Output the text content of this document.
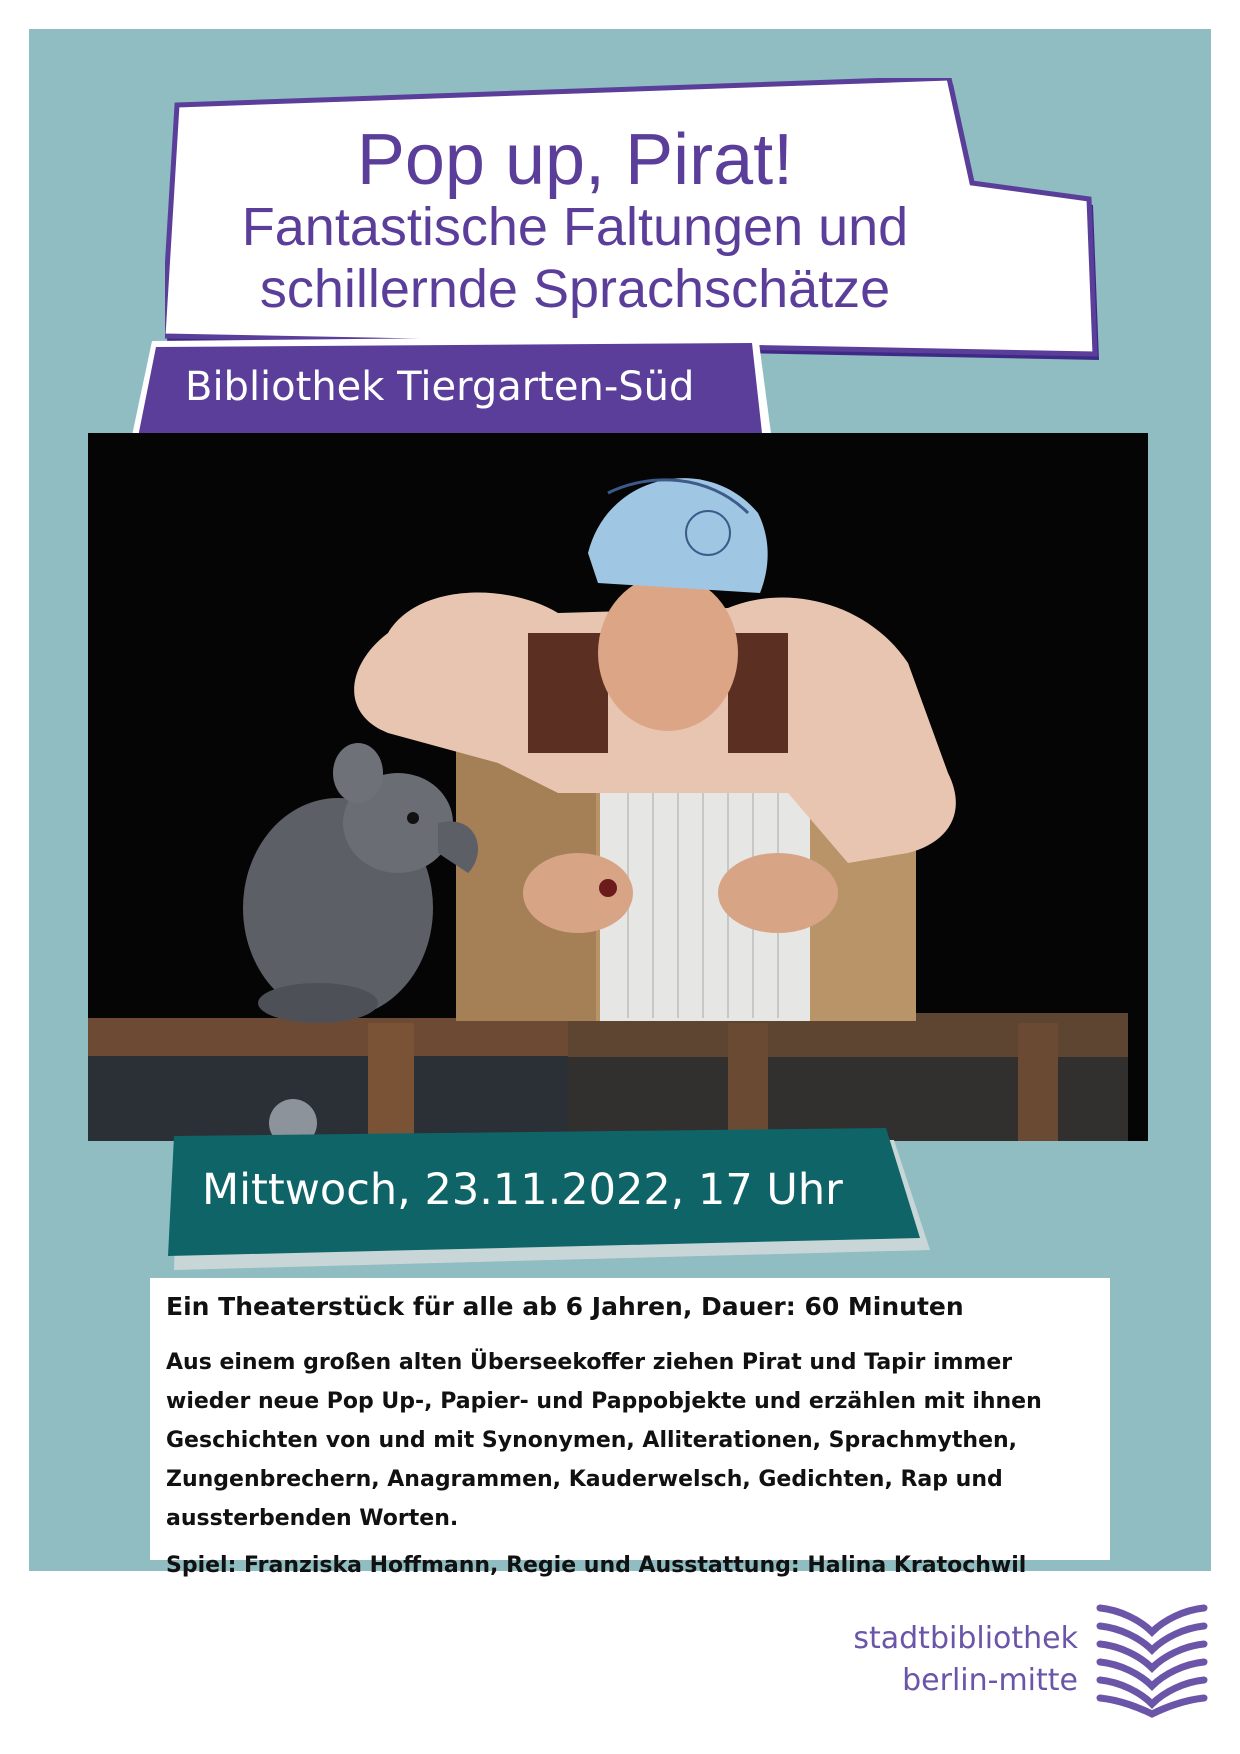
Pop up, Pirat!
Fantastische Faltungen und
schillernde Sprachschätze
Bibliothek Tiergarten-Süd
Mittwoch, 23.11.2022, 17 Uhr

Ein Theaterstück für alle ab 6 Jahren, Dauer: 60 Minuten

Aus einem großen alten Überseekoffer ziehen Pirat und Tapir immer wieder neue Pop Up-, Papier- und Pappobjekte und erzählen mit ihnen Geschichten von und mit Synonymen, Alliterationen, Sprachmythen, Zungenbrechern, Anagrammen, Kauderwelsch, Gedichten, Rap und aussterbenden Worten.

Spiel: Franziska Hoffmann, Regie und Ausstattung: Halina Kratochwil

stadtbibliothek
berlin-mitte
